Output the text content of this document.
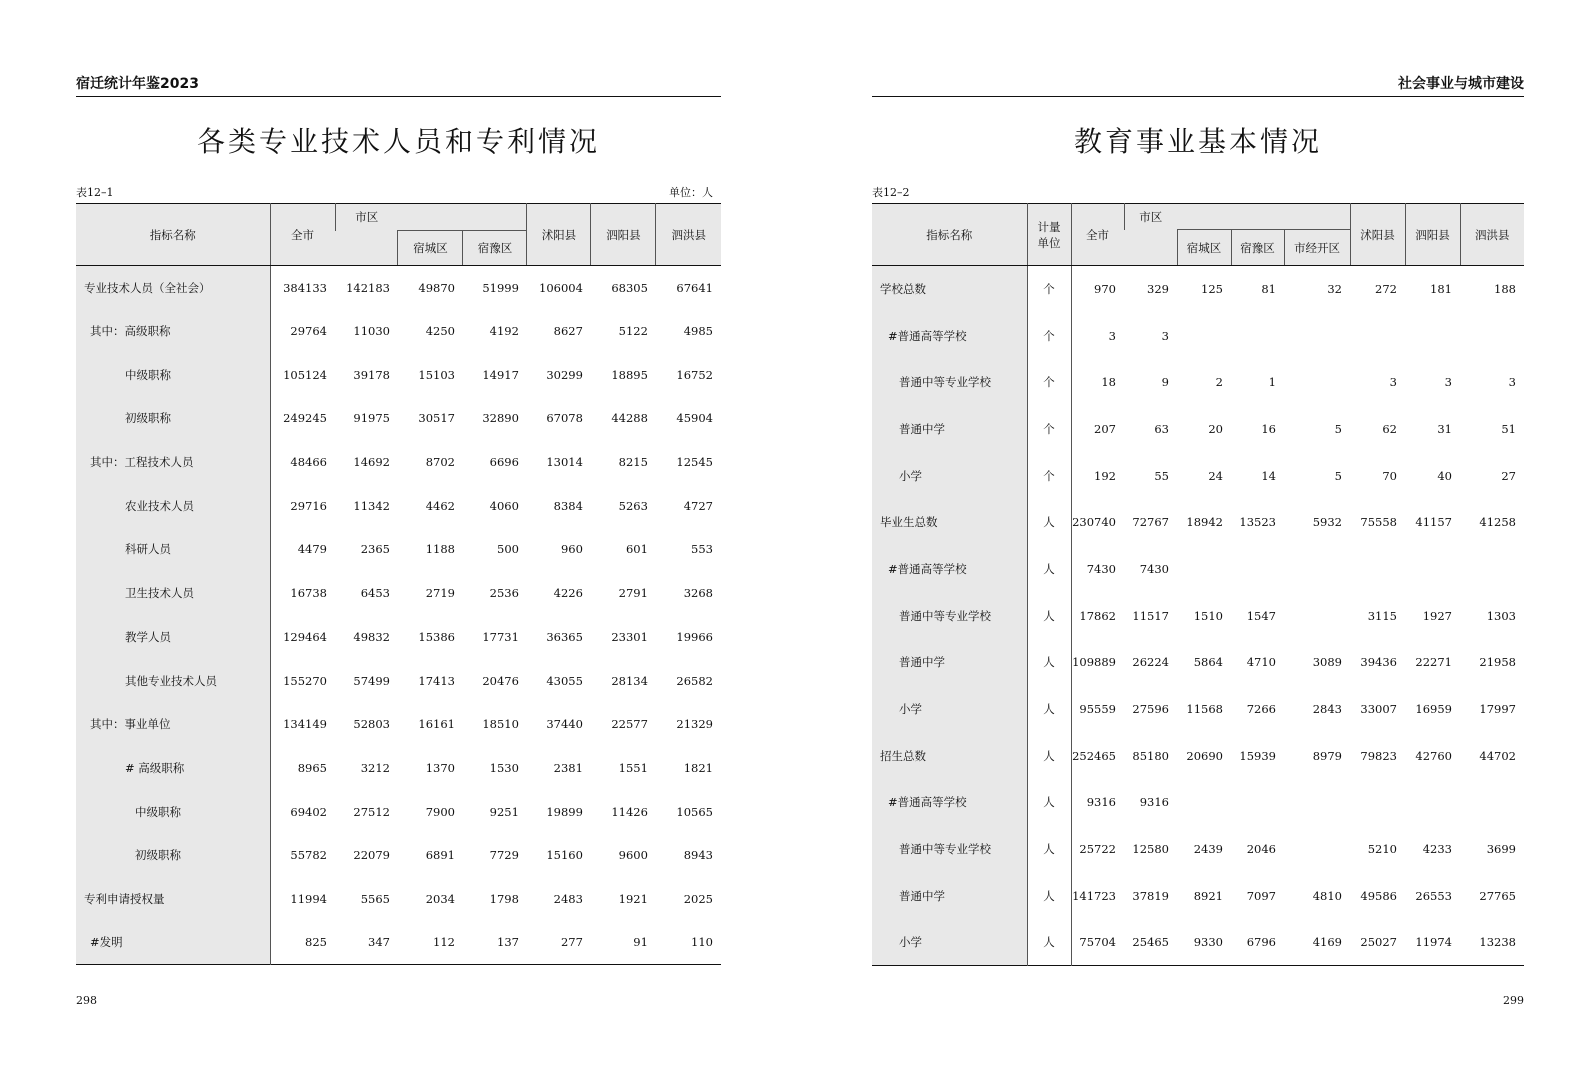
宿迁统计年鉴2023
各类专业技术人员和专利情况
表12–1	单位：人
指标名称	全市	市区			沭阳县	泗阳县	泗洪县
			宿城区	宿豫区			
专业技术人员（全社会）	384133	142183	49870	51999	106004	68305	67641
其中：高级职称	29764	11030	4250	4192	8627	5122	4985
中级职称	105124	39178	15103	14917	30299	18895	16752
初级职称	249245	91975	30517	32890	67078	44288	45904
其中：工程技术人员	48466	14692	8702	6696	13014	8215	12545
农业技术人员	29716	11342	4462	4060	8384	5263	4727
科研人员	4479	2365	1188	500	960	601	553
卫生技术人员	16738	6453	2719	2536	4226	2791	3268
教学人员	129464	49832	15386	17731	36365	23301	19966
其他专业技术人员	155270	57499	17413	20476	43055	28134	26582
其中：事业单位	134149	52803	16161	18510	37440	22577	21329
# 高级职称	8965	3212	1370	1530	2381	1551	1821
中级职称	69402	27512	7900	9251	19899	11426	10565
初级职称	55782	22079	6891	7729	15160	9600	8943
专利申请授权量	11994	5565	2034	1798	2483	1921	2025
#发明	825	347	112	137	277	91	110
298
社会事业与城市建设
教育事业基本情况
表12–2
指标名称	计量单位	全市	市区				沭阳县	泗阳县	泗洪县
				宿城区	宿豫区	市经开区			
学校总数	个	970	329	125	81	32	272	181	188
#普通高等学校	个	3	3						
普通中等专业学校	个	18	9	2	1		3	3	3
普通中学	个	207	63	20	16	5	62	31	51
小学	个	192	55	24	14	5	70	40	27
毕业生总数	人	230740	72767	18942	13523	5932	75558	41157	41258
#普通高等学校	人	7430	7430						
普通中等专业学校	人	17862	11517	1510	1547		3115	1927	1303
普通中学	人	109889	26224	5864	4710	3089	39436	22271	21958
小学	人	95559	27596	11568	7266	2843	33007	16959	17997
招生总数	人	252465	85180	20690	15939	8979	79823	42760	44702
#普通高等学校	人	9316	9316						
普通中等专业学校	人	25722	12580	2439	2046		5210	4233	3699
普通中学	人	141723	37819	8921	7097	4810	49586	26553	27765
小学	人	75704	25465	9330	6796	4169	25027	11974	13238
299
